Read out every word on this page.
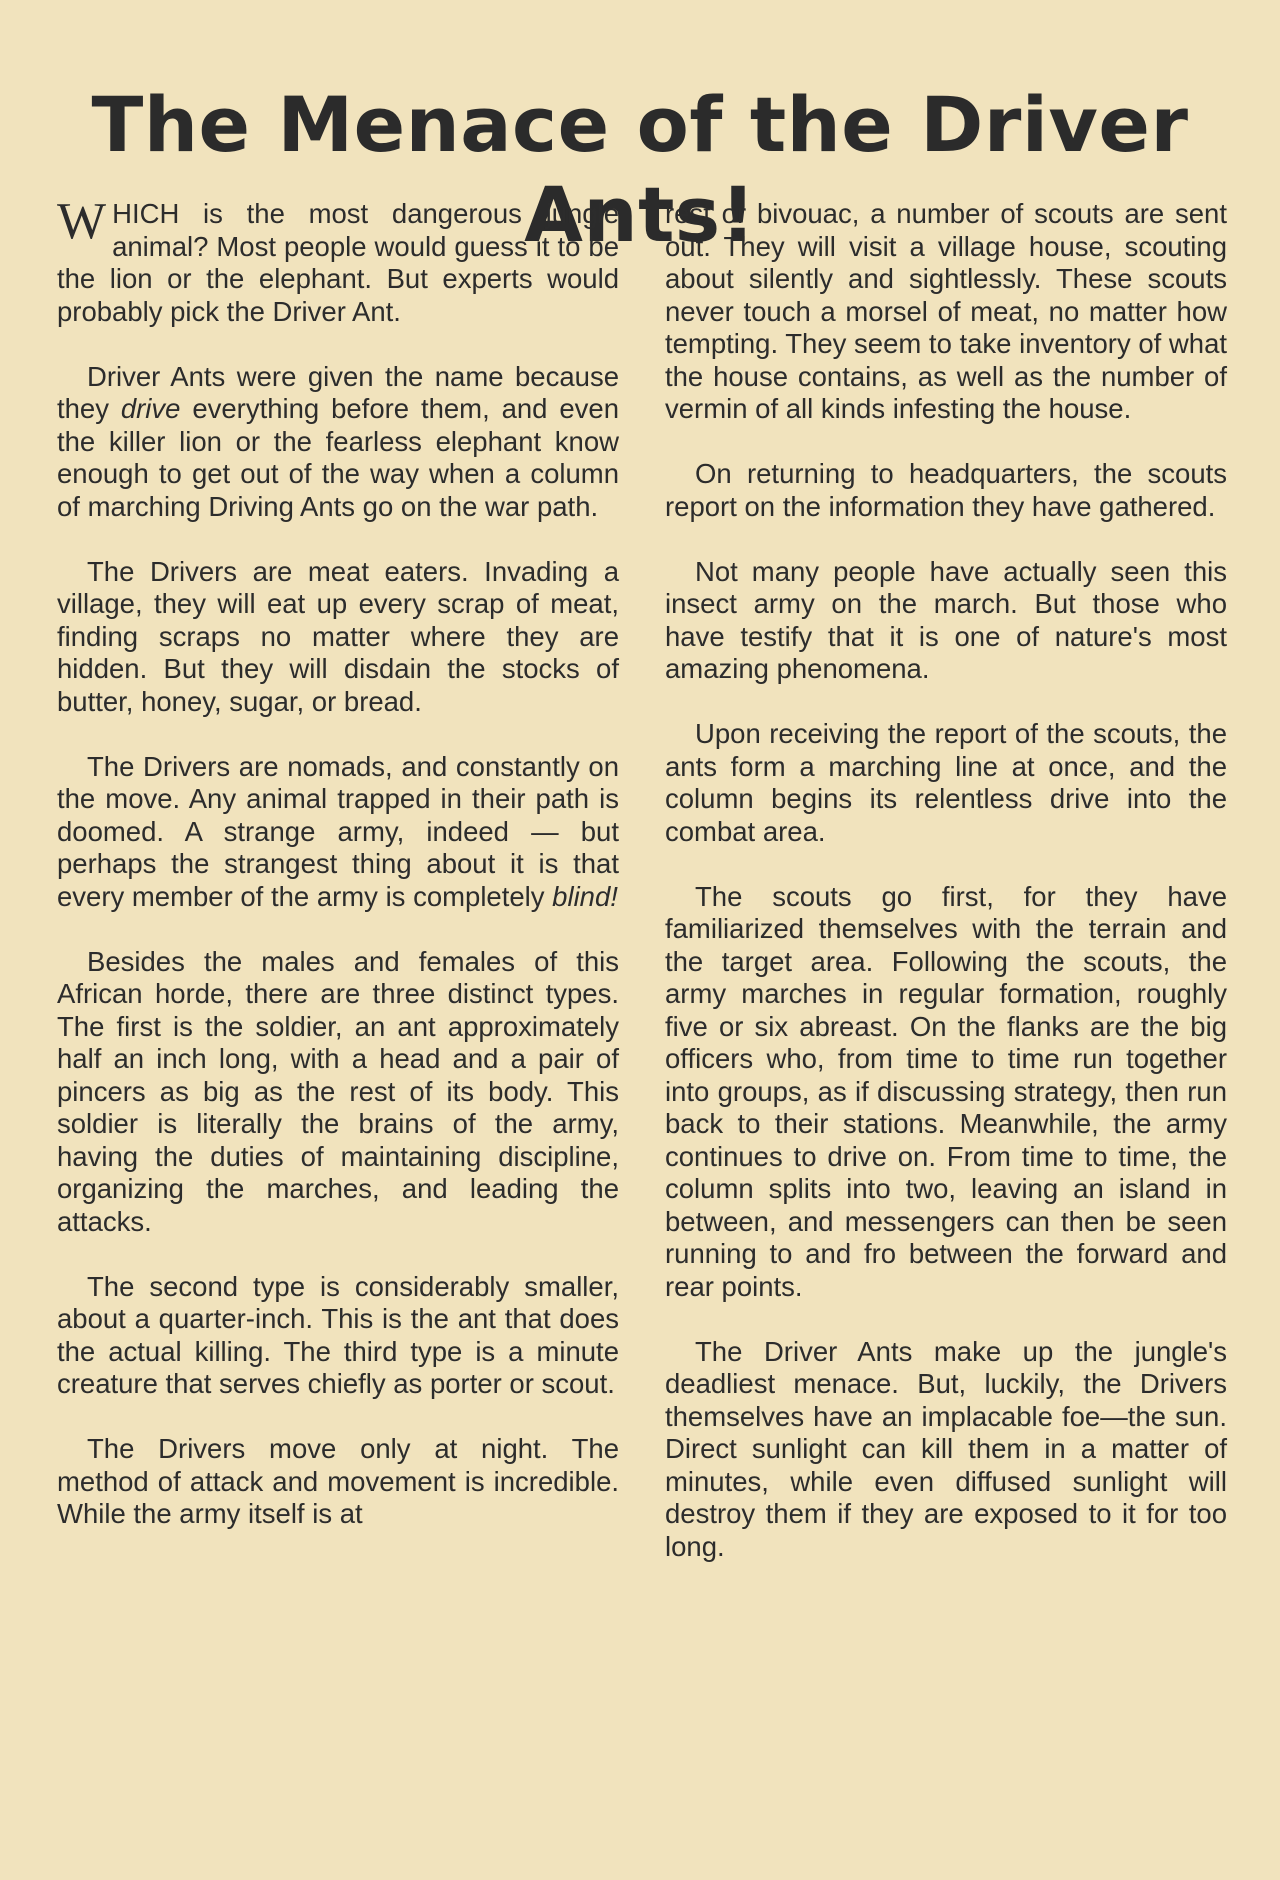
The Menace of the Driver Ants!

WHICH is the most dangerous jungle animal? Most people would guess it to be the lion or the elephant. But experts would probably pick the Driver Ant.

Driver Ants were given the name because they drive everything before them, and even the killer lion or the fearless elephant know enough to get out of the way when a column of marching Driving Ants go on the war path.

The Drivers are meat eaters. Invading a village, they will eat up every scrap of meat, finding scraps no matter where they are hidden. But they will disdain the stocks of butter, honey, sugar, or bread.

The Drivers are nomads, and constantly on the move. Any animal trapped in their path is doomed. A strange army, indeed — but perhaps the strangest thing about it is that every member of the army is completely blind!

Besides the males and females of this African horde, there are three distinct types. The first is the soldier, an ant approximately half an inch long, with a head and a pair of pincers as big as the rest of its body. This soldier is literally the brains of the army, having the duties of maintaining discipline, organizing the marches, and leading the attacks.

The second type is considerably smaller, about a quarter-inch. This is the ant that does the actual killing. The third type is a minute creature that serves chiefly as porter or scout.

The Drivers move only at night. The method of attack and movement is incredible. While the army itself is at

rest or bivouac, a number of scouts are sent out. They will visit a village house, scouting about silently and sightlessly. These scouts never touch a morsel of meat, no matter how tempting. They seem to take inventory of what the house contains, as well as the number of vermin of all kinds infesting the house.

On returning to headquarters, the scouts report on the information they have gathered.

Not many people have actually seen this insect army on the march. But those who have testify that it is one of nature's most amazing phenomena.

Upon receiving the report of the scouts, the ants form a marching line at once, and the column begins its relentless drive into the combat area.

The scouts go first, for they have familiarized themselves with the terrain and the target area. Following the scouts, the army marches in regular formation, roughly five or six abreast. On the flanks are the big officers who, from time to time run together into groups, as if discussing strategy, then run back to their stations. Meanwhile, the army continues to drive on. From time to time, the column splits into two, leaving an island in between, and messengers can then be seen running to and fro between the forward and rear points.

The Driver Ants make up the jungle's deadliest menace. But, luckily, the Drivers themselves have an implacable foe—the sun. Direct sunlight can kill them in a matter of minutes, while even diffused sunlight will destroy them if they are exposed to it for too long.
